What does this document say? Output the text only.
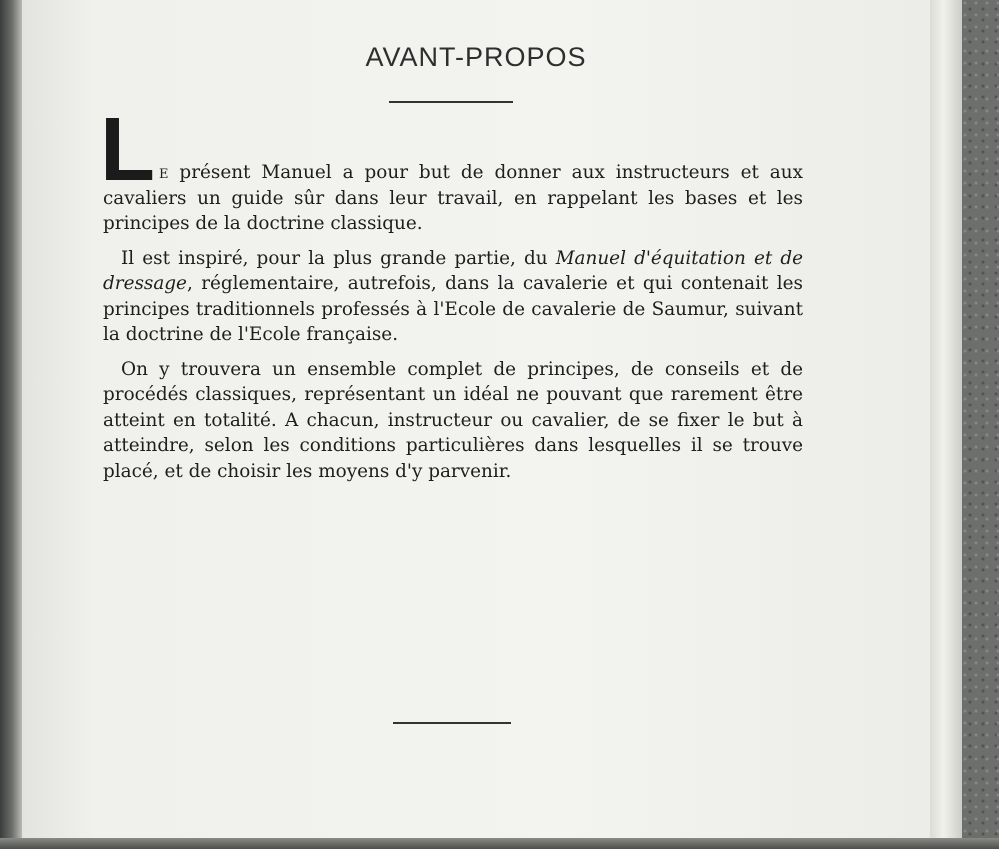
AVANT-PROPOS

Le présent Manuel a pour but de donner aux instructeurs et aux cavaliers un guide sûr dans leur travail, en rappelant les bases et les principes de la doctrine classique.

Il est inspiré, pour la plus grande partie, du Manuel d'équitation et de dressage, réglementaire, autrefois, dans la cavalerie et qui contenait les principes traditionnels professés à l'Ecole de cavalerie de Saumur, suivant la doctrine de l'Ecole française.

On y trouvera un ensemble complet de principes, de conseils et de procédés classiques, représentant un idéal ne pouvant que rarement être atteint en totalité. A chacun, instructeur ou cavalier, de se fixer le but à atteindre, selon les conditions particulières dans lesquelles il se trouve placé, et de choisir les moyens d'y parvenir.
